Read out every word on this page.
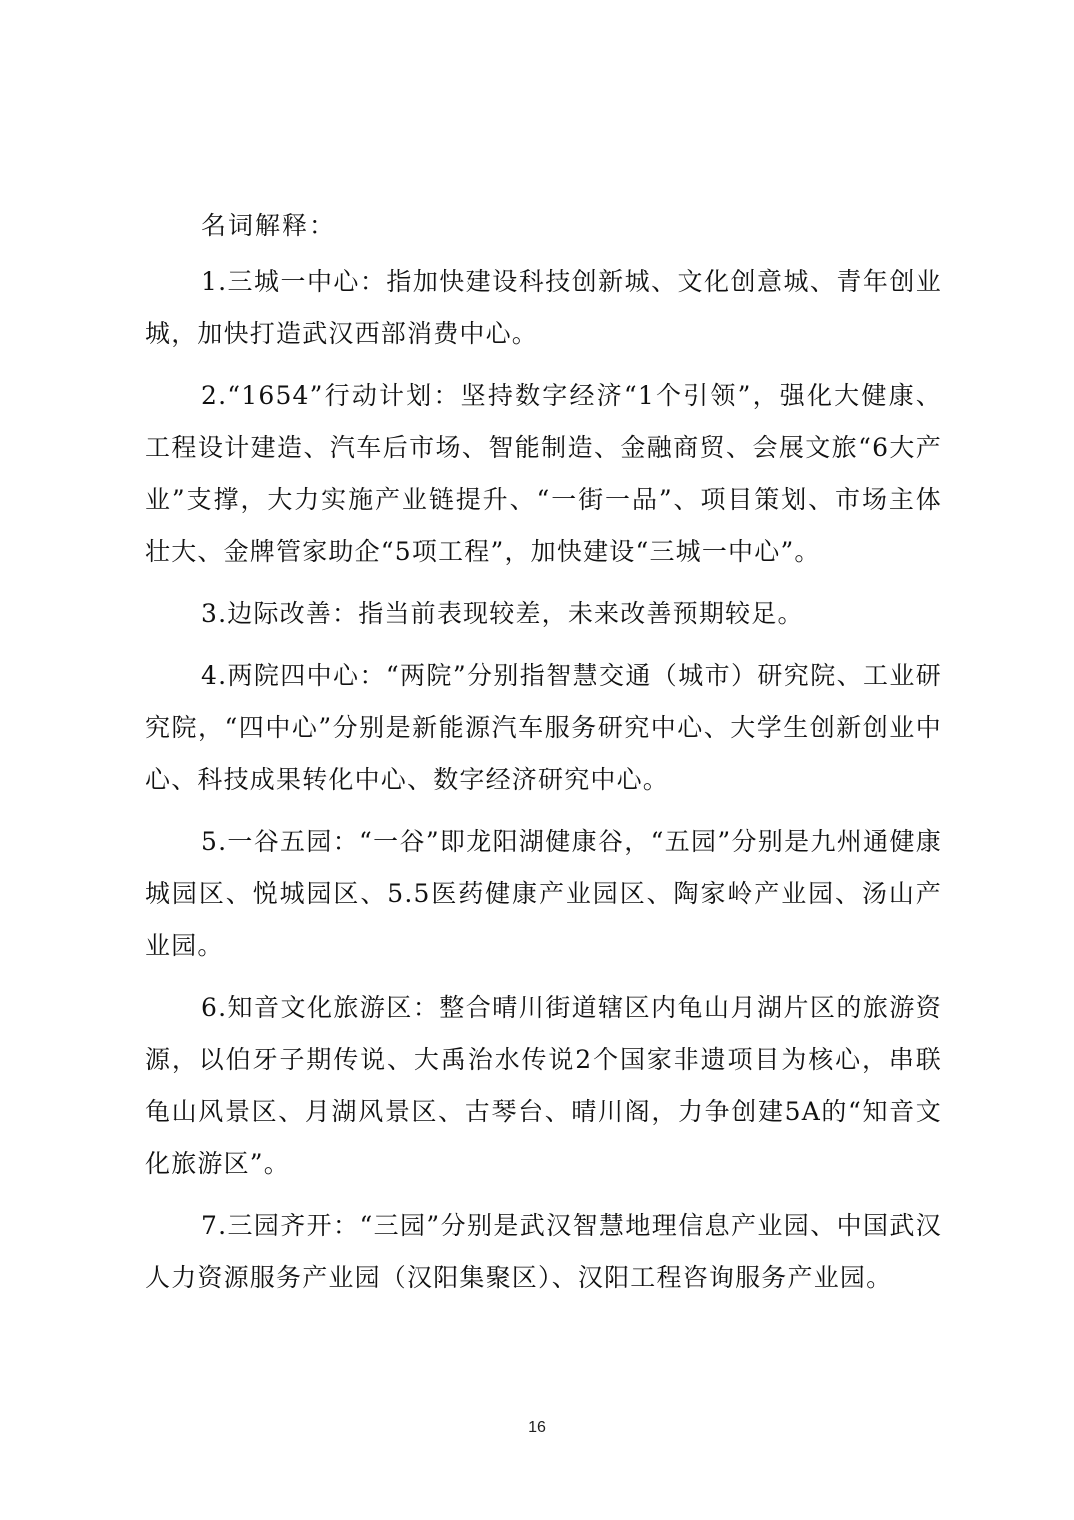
名词解释：

1.三城一中心：指加快建设科技创新城、文化创意城、青年创业城，加快打造武汉西部消费中心。

2.“1654”行动计划：坚持数字经济“1个引领”，强化大健康、工程设计建造、汽车后市场、智能制造、金融商贸、会展文旅“6大产业”支撑，大力实施产业链提升、“一街一品”、项目策划、市场主体壮大、金牌管家助企“5项工程”，加快建设“三城一中心”。

3.边际改善：指当前表现较差，未来改善预期较足。

4.两院四中心：“两院”分别指智慧交通（城市）研究院、工业研究院，“四中心”分别是新能源汽车服务研究中心、大学生创新创业中心、科技成果转化中心、数字经济研究中心。

5.一谷五园：“一谷”即龙阳湖健康谷，“五园”分别是九州通健康城园区、悦城园区、5.5医药健康产业园区、陶家岭产业园、汤山产业园。

6.知音文化旅游区：整合晴川街道辖区内龟山月湖片区的旅游资源，以伯牙子期传说、大禹治水传说2个国家非遗项目为核心，串联龟山风景区、月湖风景区、古琴台、晴川阁，力争创建5A的“知音文化旅游区”。

7.三园齐开：“三园”分别是武汉智慧地理信息产业园、中国武汉人力资源服务产业园（汉阳集聚区）、汉阳工程咨询服务产业园。

16
